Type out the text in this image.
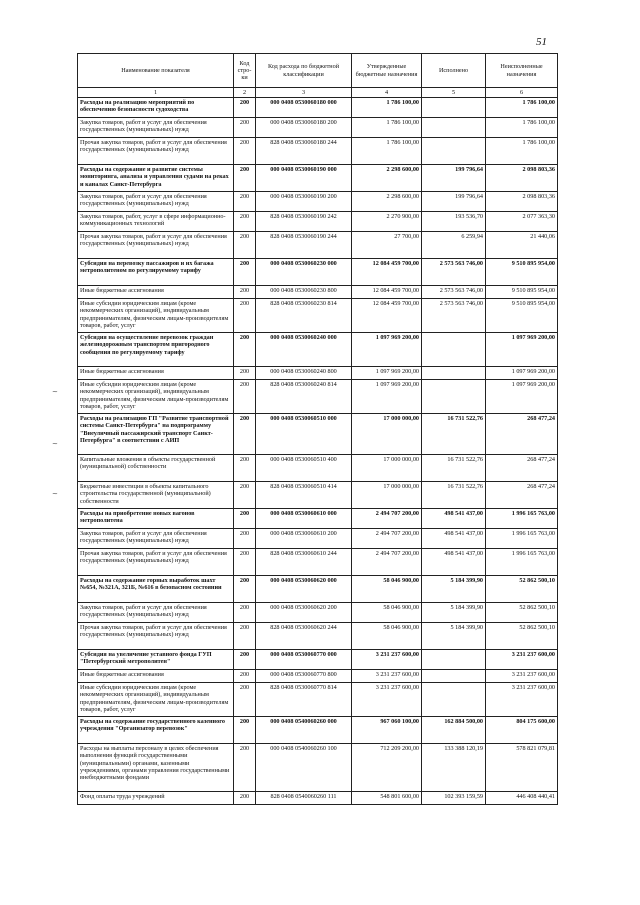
51
~
~
~
Наименование показателя	Код стро-ки	Код расхода по бюджетной классификации	Утвержденные бюджетные назначения	Исполнено	Неисполненные назначения
1	2	3	4	5	6
Расходы на реализацию мероприятий по обеспечению безопасности судоходства	200	000 0408 0530060180 000	1 786 100,00		1 786 100,00
Закупка товаров, работ и услуг для обеспечения государственных (муниципальных) нужд	200	000 0408 0530060180 200	1 786 100,00		1 786 100,00
Прочая закупка товаров, работ и услуг для обеспечения государственных (муниципальных) нужд	200	828 0408 0530060180 244	1 786 100,00		1 786 100,00
Расходы на содержание и развитие системы мониторинга, анализа и управления судами на реках и каналах Санкт-Петербурга	200	000 0408 0530060190 000	2 298 600,00	199 796,64	2 098 803,36
Закупка товаров, работ и услуг для обеспечения государственных (муниципальных) нужд	200	000 0408 0530060190 200	2 298 600,00	199 796,64	2 098 803,36
Закупка товаров, работ, услуг в сфере информационно-коммуникационных технологий	200	828 0408 0530060190 242	2 270 900,00	193 536,70	2 077 363,30
Прочая закупка товаров, работ и услуг для обеспечения государственных (муниципальных) нужд	200	828 0408 0530060190 244	27 700,00	6 259,94	21 440,06
Субсидия на перевозку пассажиров и их багажа метрополитеном по регулируемому тарифу	200	000 0408 0530060230 000	12 084 459 700,00	2 573 563 746,00	9 510 895 954,00
Иные бюджетные ассигнования	200	000 0408 0530060230 800	12 084 459 700,00	2 573 563 746,00	9 510 895 954,00
Иные субсидии юридическим лицам (кроме некоммерческих организаций), индивидуальным предпринимателям, физическим лицам-производителям товаров, работ, услуг	200	828 0408 0530060230 814	12 084 459 700,00	2 573 563 746,00	9 510 895 954,00
Субсидия на осуществление перевозок граждан железнодорожным транспортом пригородного сообщения по регулируемому тарифу	200	000 0408 0530060240 000	1 097 969 200,00		1 097 969 200,00
Иные бюджетные ассигнования	200	000 0408 0530060240 800	1 097 969 200,00		1 097 969 200,00
Иные субсидии юридическим лицам (кроме некоммерческих организаций), индивидуальным предпринимателям, физическим лицам-производителям товаров, работ, услуг	200	828 0408 0530060240 814	1 097 969 200,00		1 097 969 200,00
Расходы на реализацию ГП "Развитие транспортной системы Санкт-Петербурга" на подпрограмму "Внеуличный пассажирский транспорт Санкт-Петербурга" в соответствии с АИП	200	000 0408 0530060510 000	17 000 000,00	16 731 522,76	268 477,24
Капитальные вложения в объекты государственной (муниципальной) собственности	200	000 0408 0530060510 400	17 000 000,00	16 731 522,76	268 477,24
Бюджетные инвестиции в объекты капитального строительства государственной (муниципальной) собственности	200	828 0408 0530060510 414	17 000 000,00	16 731 522,76	268 477,24
Расходы на приобретение новых вагонов метрополитена	200	000 0408 0530060610 000	2 494 707 200,00	498 541 437,00	1 996 165 763,00
Закупка товаров, работ и услуг для обеспечения государственных (муниципальных) нужд	200	000 0408 0530060610 200	2 494 707 200,00	498 541 437,00	1 996 165 763,00
Прочая закупка товаров, работ и услуг для обеспечения государственных (муниципальных) нужд	200	828 0408 0530060610 244	2 494 707 200,00	498 541 437,00	1 996 165 763,00
Расходы на содержание горных выработок шахт №654, №321А, 321Б, №616 в безопасном состоянии	200	000 0408 0530060620 000	58 046 900,00	5 184 399,90	52 862 500,10
Закупка товаров, работ и услуг для обеспечения государственных (муниципальных) нужд	200	000 0408 0530060620 200	58 046 900,00	5 184 399,90	52 862 500,10
Прочая закупка товаров, работ и услуг для обеспечения государственных (муниципальных) нужд	200	828 0408 0530060620 244	58 046 900,00	5 184 399,90	52 862 500,10
Субсидия на увеличение уставного фонда ГУП "Петербургский метрополитен"	200	000 0408 0530060770 000	3 231 237 600,00		3 231 237 600,00
Иные бюджетные ассигнования	200	000 0408 0530060770 800	3 231 237 600,00		3 231 237 600,00
Иные субсидии юридическим лицам (кроме некоммерческих организаций), индивидуальным предпринимателям, физическим лицам-производителям товаров, работ, услуг	200	828 0408 0530060770 814	3 231 237 600,00		3 231 237 600,00
Расходы на содержание государственного казенного учреждения "Организатор перевозок"	200	000 0408 0540060260 000	967 060 100,00	162 884 500,00	804 175 600,00
Расходы на выплаты персоналу в целях обеспечения выполнения функций государственными (муниципальными) органами, казенными учреждениями, органами управления государственными внебюджетными фондами	200	000 0408 0540060260 100	712 209 200,00	133 388 120,19	578 821 079,81
Фонд оплаты труда учреждений	200	828 0408 0540060260 111	548 801 600,00	102 393 159,59	446 408 440,41
